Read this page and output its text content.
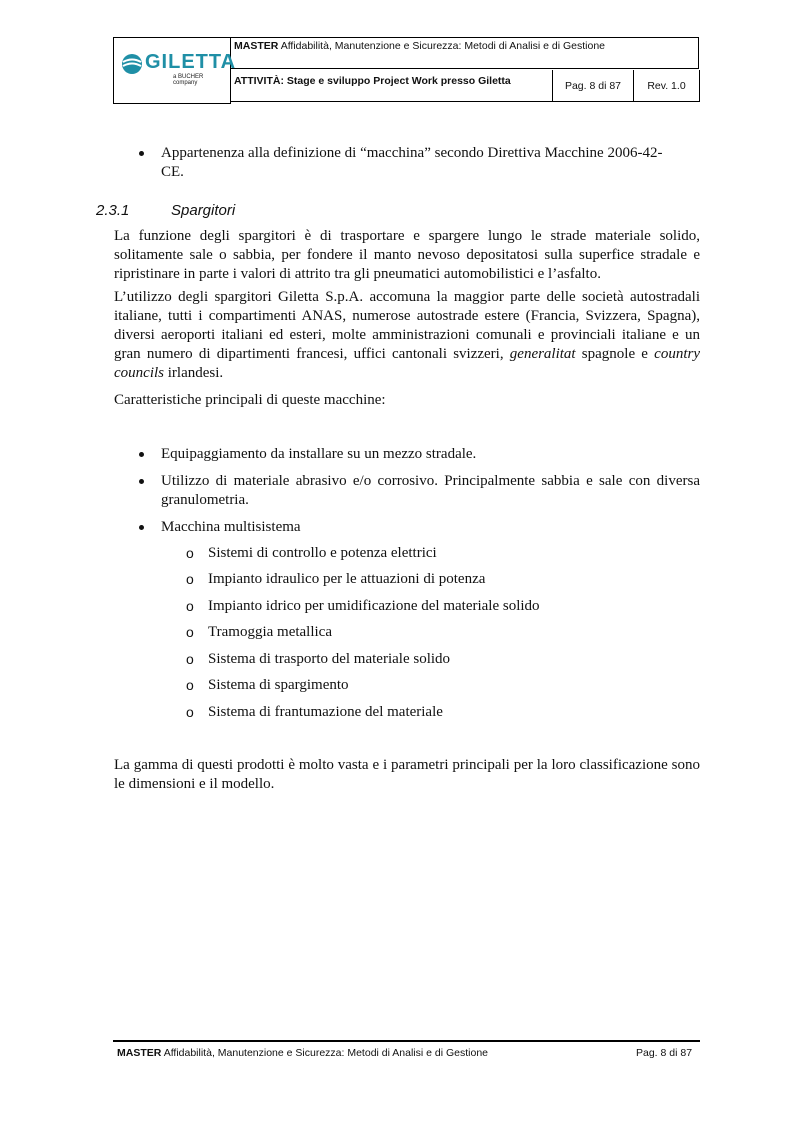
GILETTA
a BUCHER company
MASTER Affidabilità, Manutenzione e Sicurezza: Metodi di Analisi e di Gestione
ATTIVITÀ: Stage e sviluppo Project Work presso Giletta	Pag. 8 di 87	Rev. 1.0
Appartenenza alla definizione di “macchina” secondo Direttiva Macchine 2006-42-
CE.
2.3.1	Spargitori
La funzione degli spargitori è di trasportare e spargere lungo le strade materiale solido, solitamente sale o sabbia, per fondere il manto nevoso depositatosi sulla superfice stradale e ripristinare in parte i valori di attrito tra gli pneumatici automobilistici e l’asfalto.
L’utilizzo degli spargitori Giletta S.p.A. accomuna la maggior parte delle società autostradali italiane, tutti i compartimenti ANAS, numerose autostrade estere (Francia, Svizzera, Spagna), diversi aeroporti italiani ed esteri, molte amministrazioni comunali e provinciali italiane e un gran numero di dipartimenti francesi, uffici cantonali svizzeri, generalitat spagnole e country councils irlandesi.
Caratteristiche principali di queste macchine:
Equipaggiamento da installare su un mezzo stradale.
Utilizzo di materiale abrasivo e/o corrosivo. Principalmente sabbia e sale con diversa granulometria.
Macchina multisistema
o Sistemi di controllo e potenza elettrici
o Impianto idraulico per le attuazioni di potenza
o Impianto idrico per umidificazione del materiale solido
o Tramoggia metallica
o Sistema di trasporto del materiale solido
o Sistema di spargimento
o Sistema di frantumazione del materiale
La gamma di questi prodotti è molto vasta e i parametri principali per la loro classificazione sono le dimensioni e il modello.
MASTER Affidabilità, Manutenzione e Sicurezza: Metodi di Analisi e di Gestione	Pag. 8 di 87
